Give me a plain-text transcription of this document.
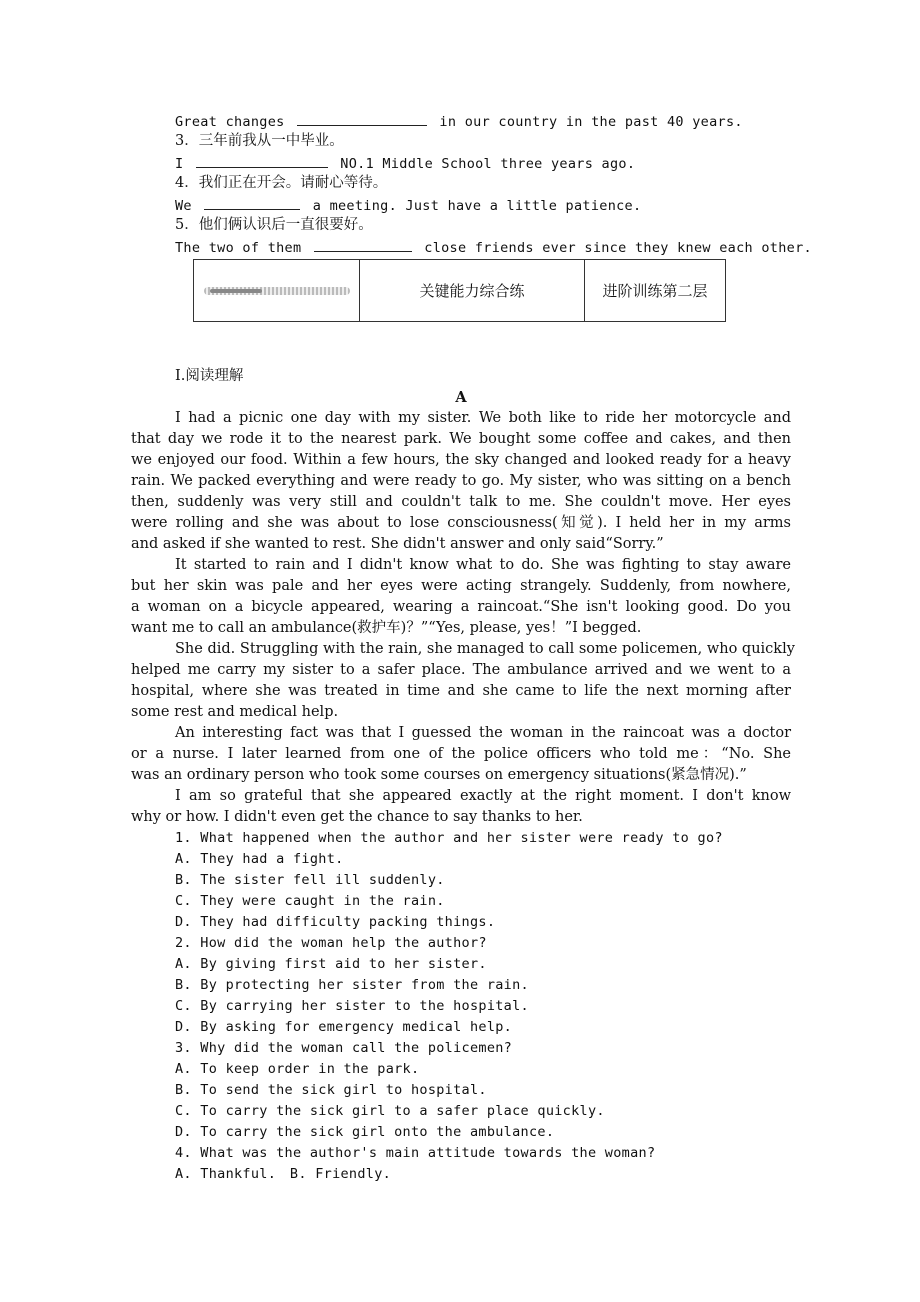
Great changes	in our country in the past 40 years.
3．三年前我从一中毕业。
I	NO.1 Middle School three years ago.
4．我们正在开会。请耐心等待。
We	a meeting. Just have a little patience.
5．他们俩认识后一直很要好。
The two of them	close friends ever since they knew each other.
关键能力综合练	进阶训练第二层
Ⅰ.阅读理解
A
I had a picnic one day with my sister. We both like to ride her motorcycle and
that day we rode it to the nearest park. We bought some coffee and cakes, and then
we enjoyed our food. Within a few hours, the sky changed and looked ready for a heavy
rain. We packed everything and were ready to go. My sister, who was sitting on a bench
then, suddenly was very still and couldn't talk to me. She couldn't move. Her eyes
were rolling and she was about to lose consciousness(知觉). I held her in my arms
and asked if she wanted to rest. She didn't answer and only said“Sorry.”
It started to rain and I didn't know what to do. She was fighting to stay aware
but her skin was pale and her eyes were acting strangely. Suddenly, from nowhere,
a woman on a bicycle appeared, wearing a raincoat.“She isn't looking good. Do you
want me to call an ambulance(救护车)？”“Yes, please, yes！”I begged.
She did. Struggling with the rain, she managed to call some policemen, who quickly
helped me carry my sister to a safer place. The ambulance arrived and we went to a
hospital, where she was treated in time and she came to life the next morning after
some rest and medical help.
An interesting fact was that I guessed the woman in the raincoat was a doctor
or a nurse. I later learned from one of the police officers who told me：“No. She
was an ordinary person who took some courses on emergency situations(紧急情况).”
I am so grateful that she appeared exactly at the right moment. I don't know
why or how. I didn't even get the chance to say thanks to her.
1. What happened when the author and her sister were ready to go?
A. They had a fight.
B. The sister fell ill suddenly.
C. They were caught in the rain.
D. They had difficulty packing things.
2. How did the woman help the author?
A. By giving first aid to her sister.
B. By protecting her sister from the rain.
C. By carrying her sister to the hospital.
D. By asking for emergency medical help.
3. Why did the woman call the policemen?
A. To keep order in the park.
B. To send the sick girl to hospital.
C. To carry the sick girl to a safer place quickly.
D. To carry the sick girl onto the ambulance.
4. What was the author's main attitude towards the woman?
A. Thankful.　B. Friendly.
